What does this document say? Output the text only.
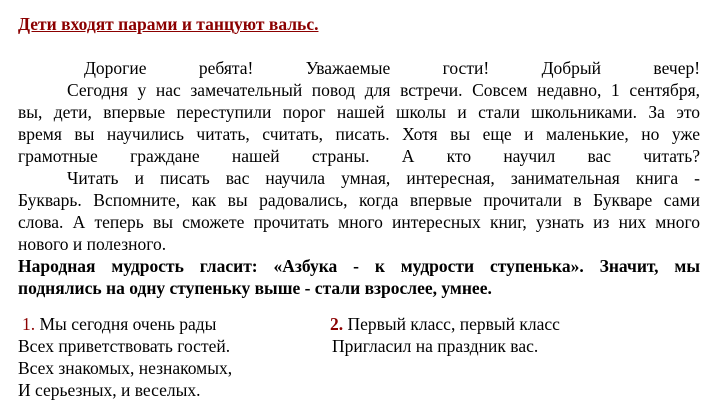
Дети входят парами и танцуют вальс.
Дорогие	ребята!	Уважаемые	гости!	Добрый	вечер!
Сегодня у нас замечательный повод для встречи. Совсем недавно, 1 сентября,
вы, дети, впервые переступили порог нашей школы и стали школьниками. За это
время вы научились читать, считать, писать. Хотя вы еще и маленькие, но уже
грамотные граждане нашей страны. А кто научил вас читать?
Читать и писать вас научила умная, интересная, занимательная книга -
Букварь. Вспомните, как вы радовались, когда впервые прочитали в Букваре сами
слова. А теперь вы сможете прочитать много интересных книг, узнать из них много
нового и полезного.
Народная мудрость гласит: «Азбука - к мудрости ступенька». Значит, мы
поднялись на одну ступеньку выше - стали взрослее, умнее.
1. Мы сегодня очень рады
Всех приветствовать гостей.
Всех знакомых, незнакомых,
И серьезных, и веселых.
2. Первый класс, первый класс
Пригласил на праздник вас.
